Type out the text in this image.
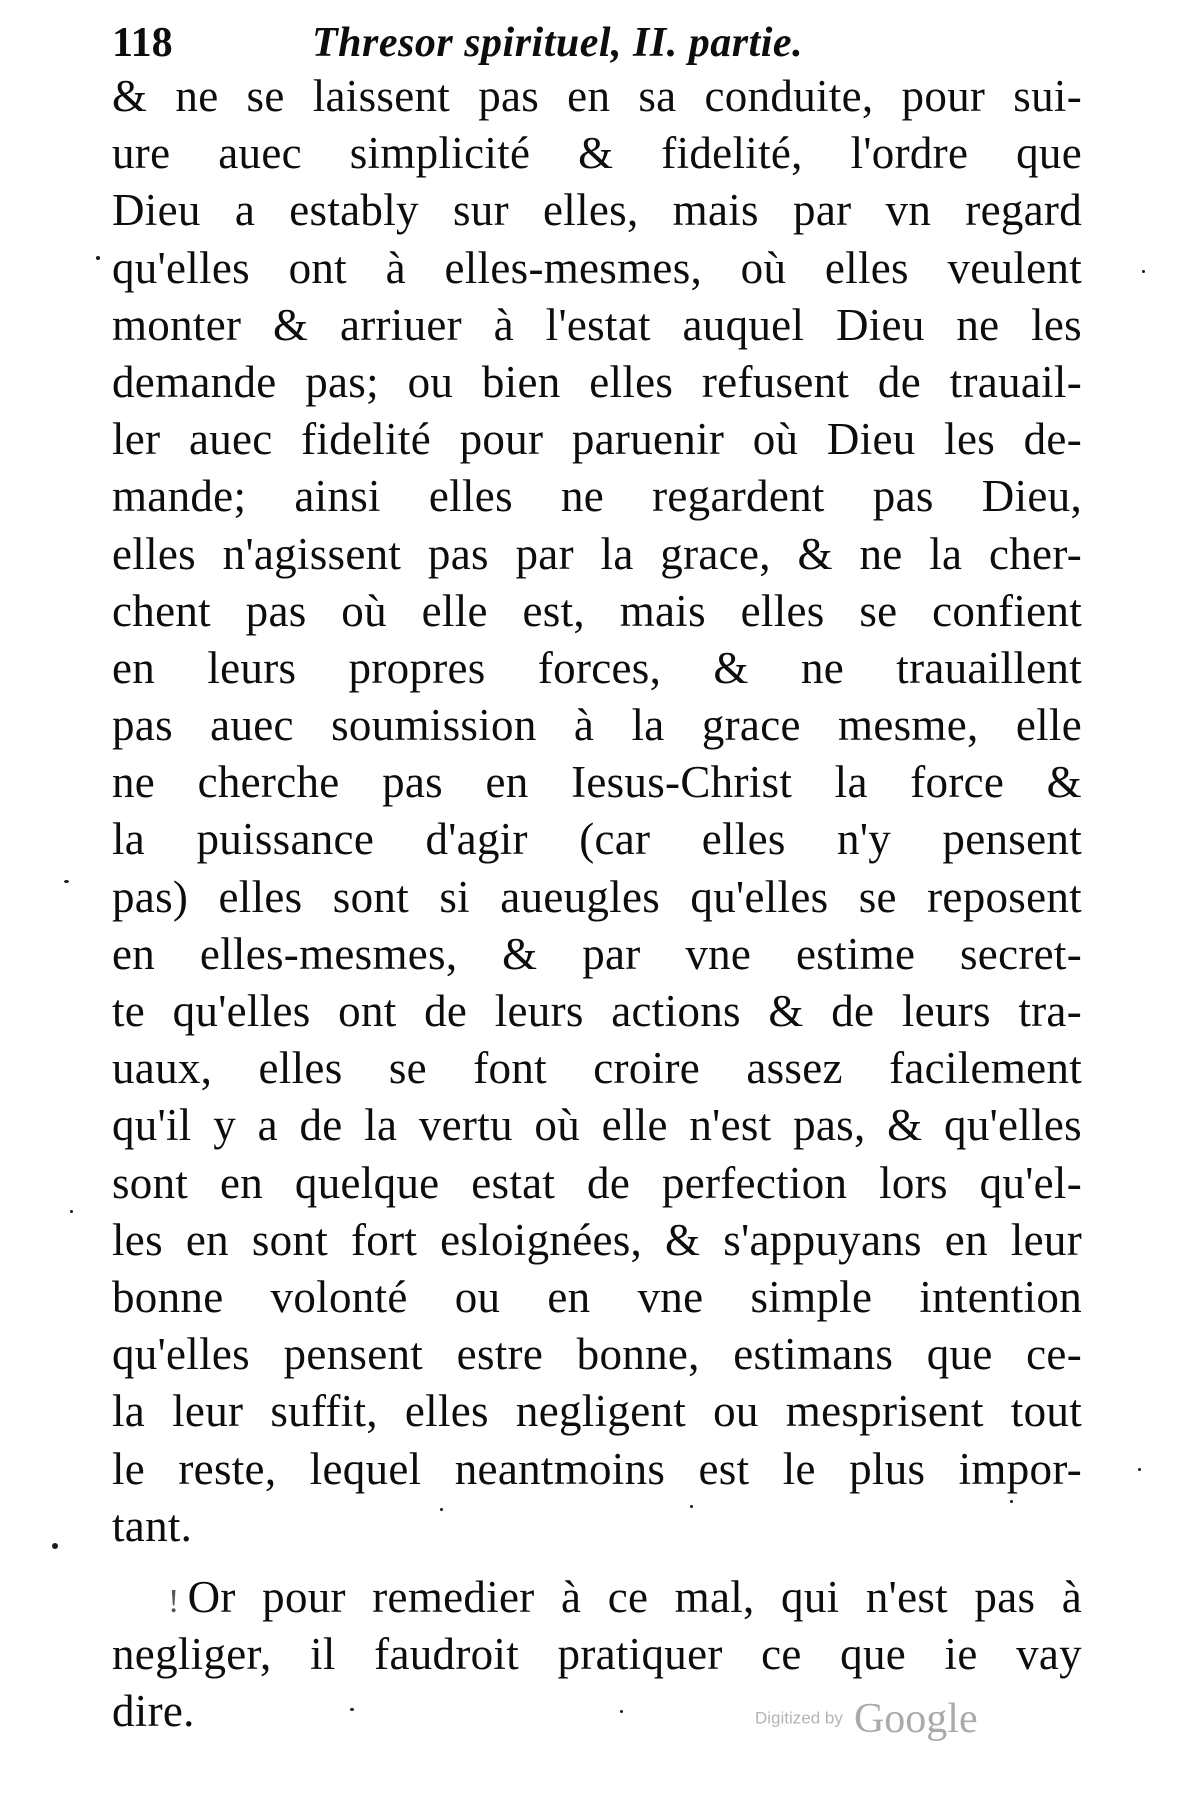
118	Thresor spirituel, II. partie.
& ne se laissent pas en sa conduite, pour sui-
ure auec simplicité & fidelité, l'ordre que
Dieu a estably sur elles, mais par vn regard
qu'elles ont à elles-mesmes, où elles veulent
monter & arriuer à l'estat auquel Dieu ne les
demande pas; ou bien elles refusent de trauail-
ler auec fidelité pour paruenir où Dieu les de-
mande; ainsi elles ne regardent pas Dieu,
elles n'agissent pas par la grace, & ne la cher-
chent pas où elle est, mais elles se confient
en leurs propres forces, & ne trauaillent
pas auec soumission à la grace mesme, elle
ne cherche pas en Iesus-Christ la force &
la puissance d'agir (car elles n'y pensent
pas) elles sont si aueugles qu'elles se reposent
en elles-mesmes, & par vne estime secret-
te qu'elles ont de leurs actions & de leurs tra-
uaux, elles se font croire assez facilement
qu'il y a de la vertu où elle n'est pas, & qu'elles
sont en quelque estat de perfection lors qu'el-
les en sont fort esloignées, & s'appuyans en leur
bonne volonté ou en vne simple intention
qu'elles pensent estre bonne, estimans que ce-
la leur suffit, elles negligent ou mesprisent tout
le reste, lequel neantmoins est le plus impor-
tant.
! Or pour remedier à ce mal, qui n'est pas à
negliger, il faudroit pratiquer ce que ie vay
dire.	Digitized by Google
